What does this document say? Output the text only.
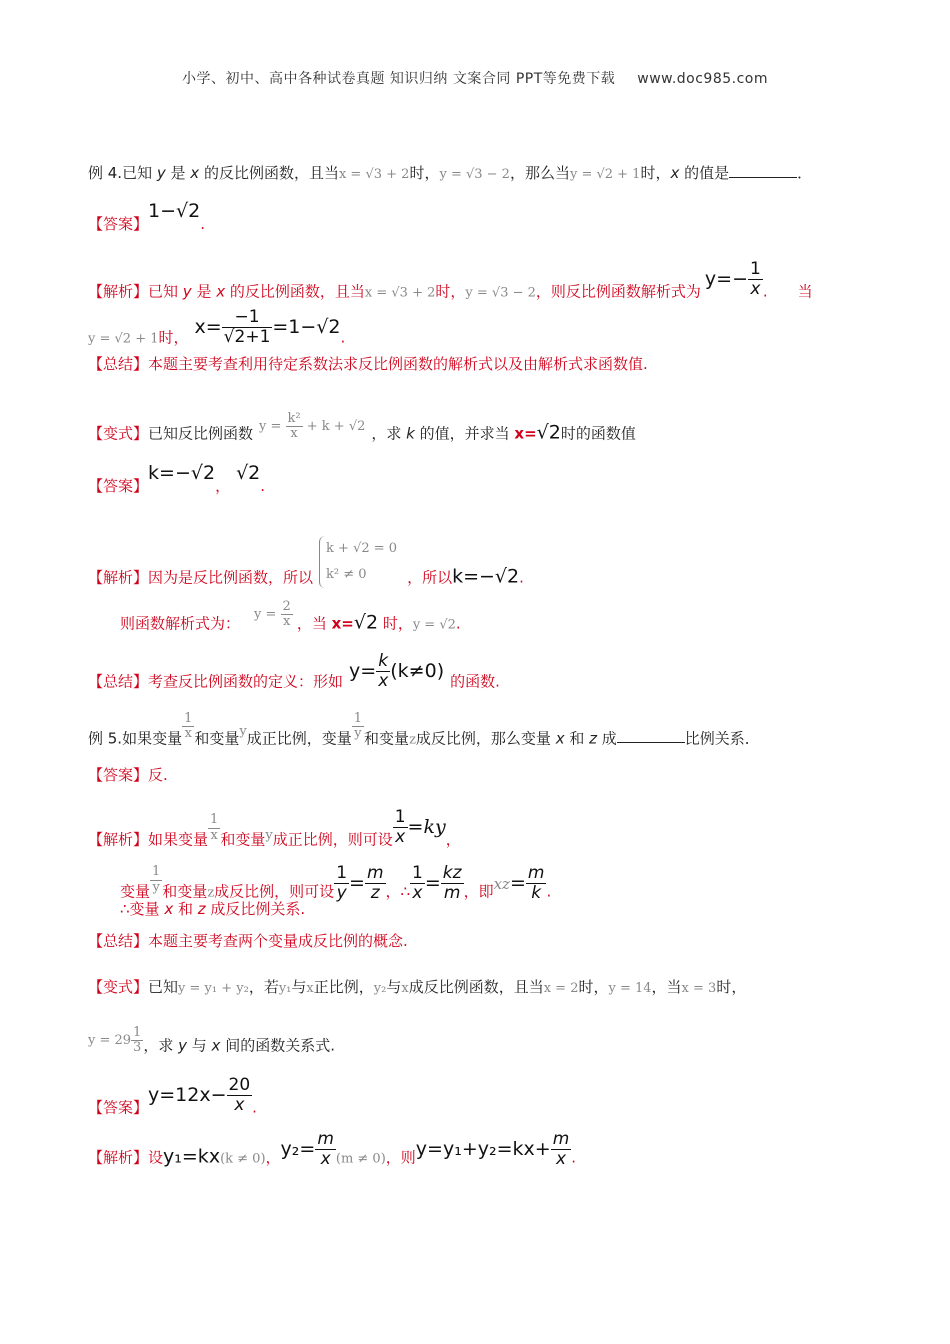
小学、初中、高中各种试卷真题 知识归纳 文案合同 PPT等免费下载 www.doc985.com
例 4.已知 y 是 x 的反比例函数，且当x = √3 + 2时，y = √3 − 2，那么当y = √2 + 1时，x 的值是	．
【答案】1−√2.
【解析】已知 y 是 x 的反比例函数，且当x = √3 + 2时，y = √3 − 2，则反比例函数解析式为$y=- \frac{1}{x}$ .　　当
y = √2 + 1时， $x= \frac{-1}{√2+1} =1-√2$.
【总结】本题主要考查利用待定系数法求反比例函数的解析式以及由解析式求函数值.
【变式】已知反比例函数 $y = \frac{\text{k²}}{x} + k + √2$ ，求 k 的值，并求当 x=√2时的函数值
【答案】k=−√2，√2.
【解析】因为是反比例函数，所以
k + √2 = 0
k² ≠ 0	，所以k=−√2.
则函数解析式为： $y = \frac{2}{x}$ ，当 x=√2 时，y = √2.
【总结】考查反比例函数的定义：形如 $y= \frac{k}{x} (k\ne 0)$ 的函数.
例 5.如果变量 $\frac{1}{x}$ 和变量y成正比例，变量 $\frac{1}{y}$ 和变量z成反比例，那么变量 x 和 z 成	比例关系．
【答案】反.
【解析】如果变量 $\frac{1}{x}$ 和变量y成正比例，则可设 $\frac{1}{x} =ky$，
变量 $\frac{1}{y}$ 和变量z成反比例，则可设 $\frac{1}{y} = \frac{m}{z}$ ，∴ $\frac{1}{x} = \frac{kz}{m}$ ，即$xz= \frac{m}{k}$ .
∴变量 x 和 z 成反比例关系.
【总结】本题主要考查两个变量成反比例的概念.
【变式】已知y = y₁ + y₂，若y₁与x正比例，y₂与x成反比例函数，且当x = 2时，y = 14，当x = 3时，
$y = 29 \frac{1}{3}$ ，求 y 与 x 间的函数关系式.
【答案】$y=12x- \frac{20}{x}$ .
【解析】设y₁=kx(k ≠ 0)，$y_2= \frac{m}{x} (m \ne 0)$，则$y=y_1+y_2=kx+ \frac{m}{x}$ .
